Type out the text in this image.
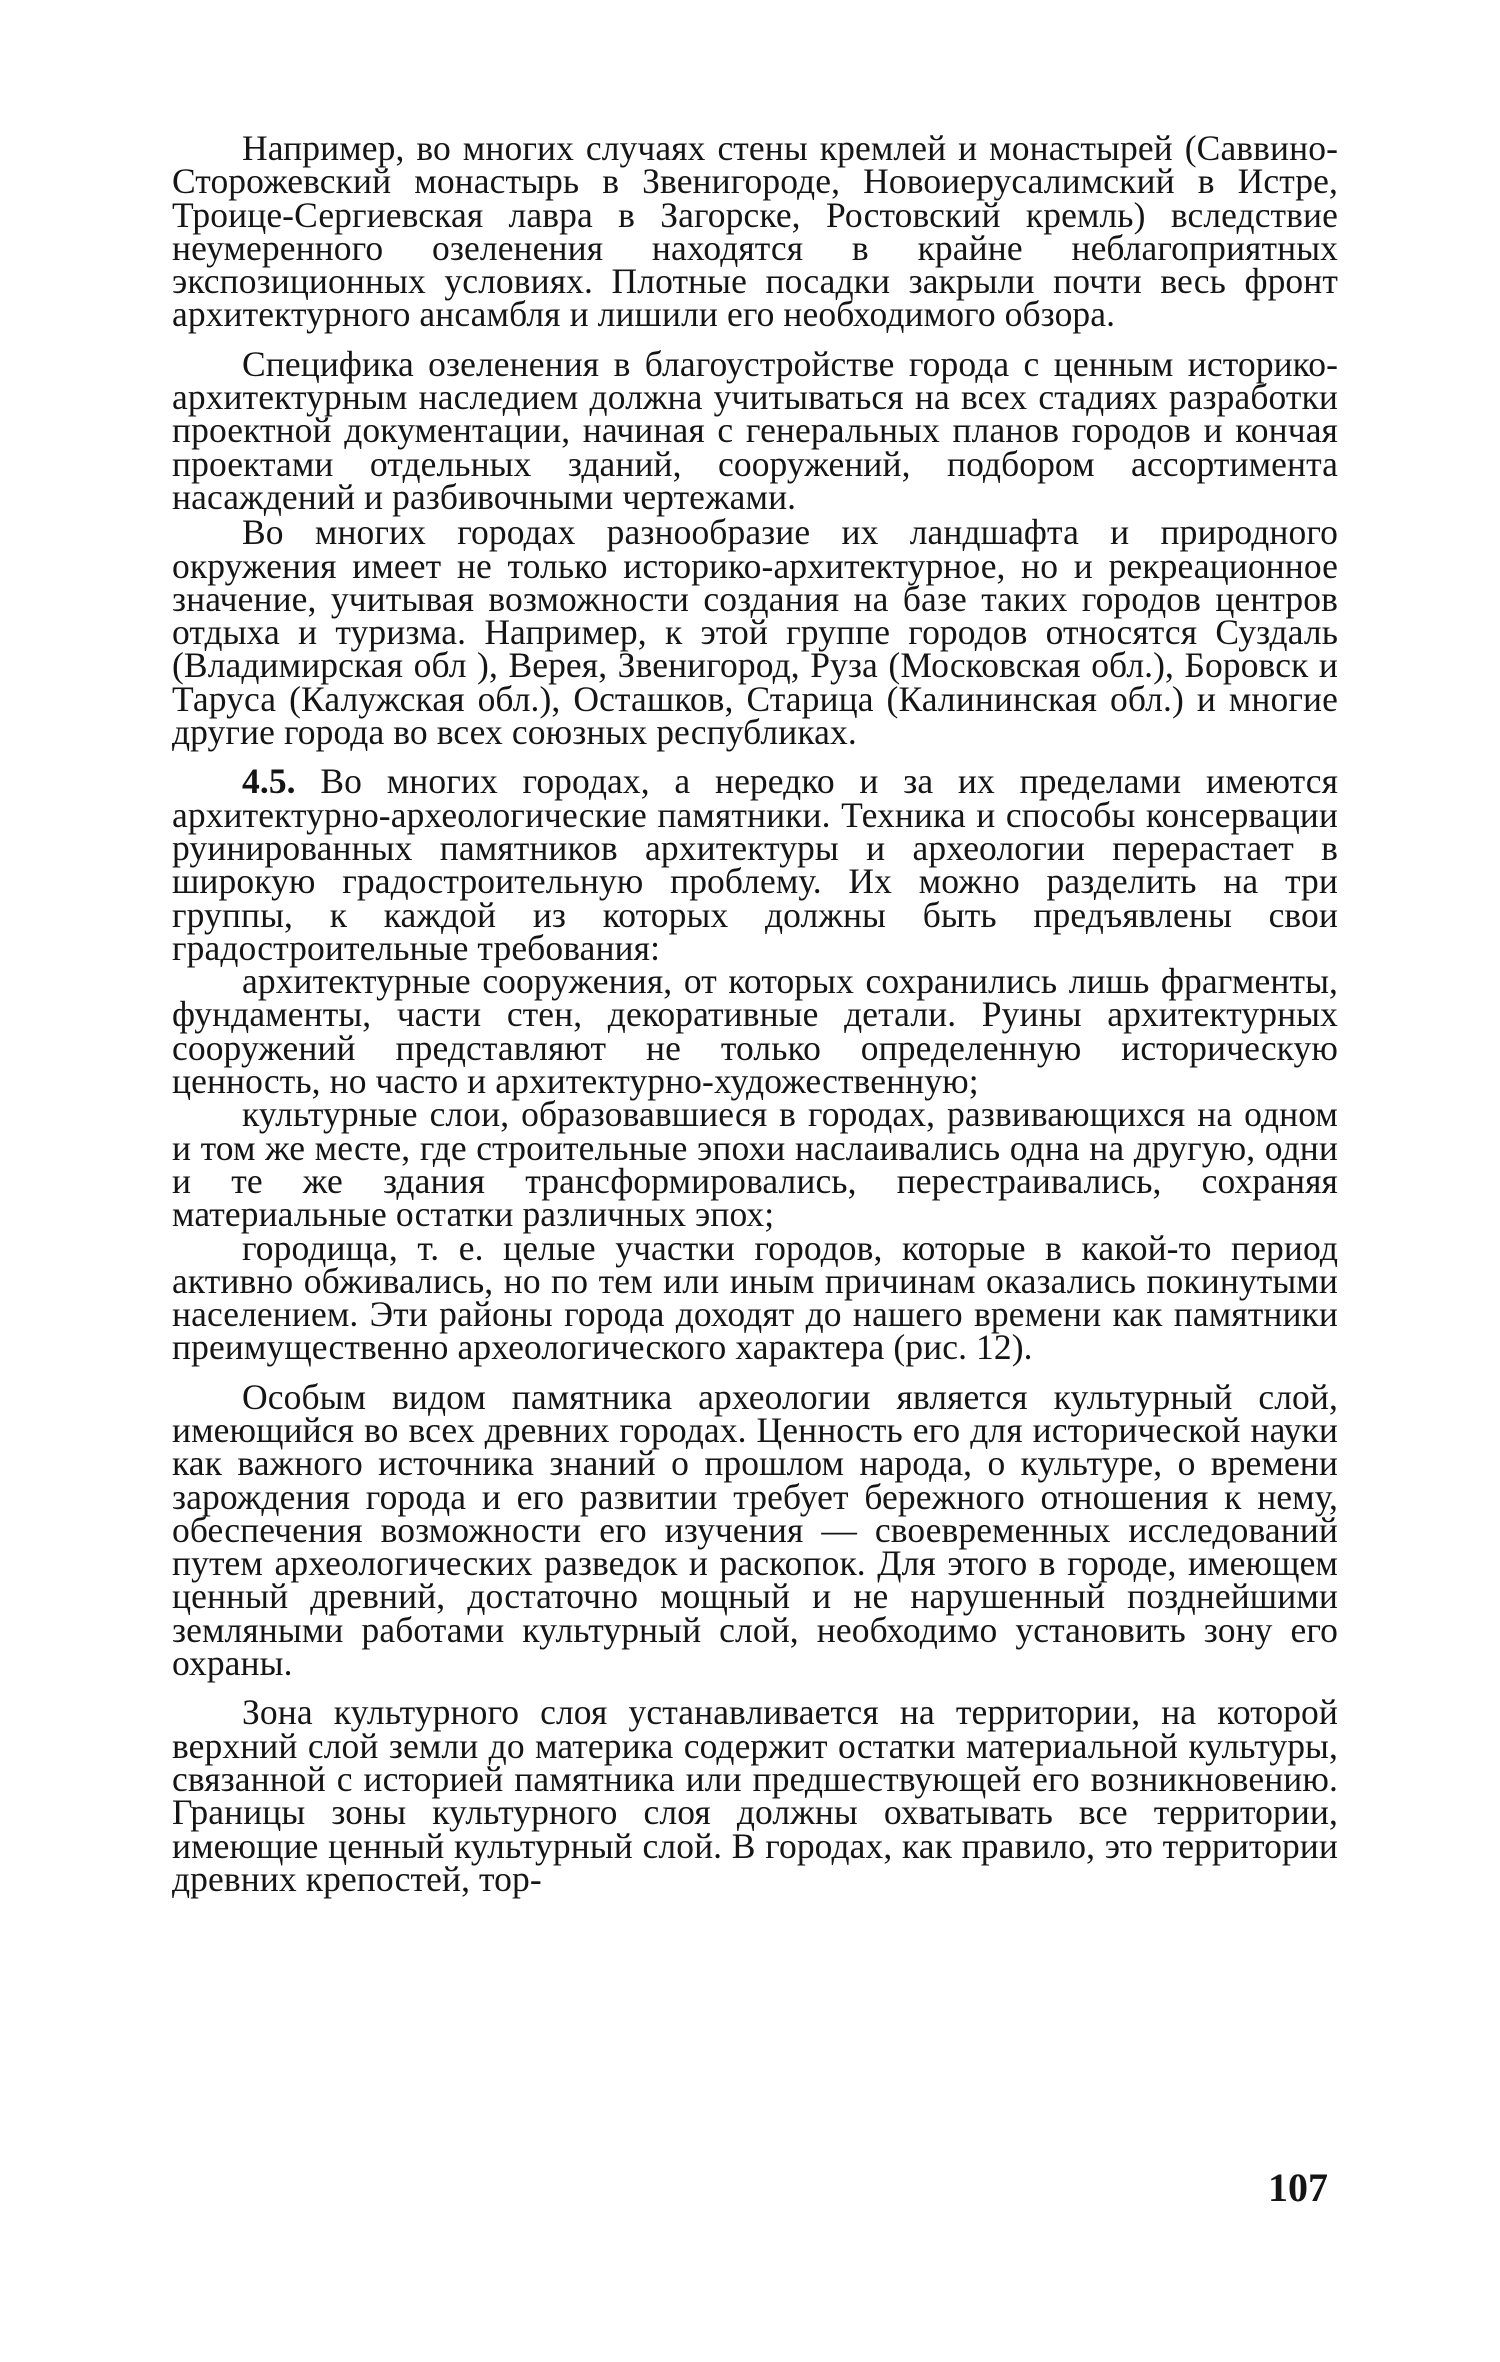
Например, во многих случаях стены кремлей и монастырей (Саввино-Сторожевский монастырь в Звенигороде, Новоиерусалимский в Истре, Троице-Сергиевская лавра в Загорске, Ростовский кремль) вследствие неумеренного озеленения находятся в крайне неблагоприятных экспозиционных условиях. Плотные посадки закрыли почти весь фронт архитектурного ансамбля и лишили его необходимого обзора.

Специфика озеленения в благоустройстве города с ценным историко-архитектурным наследием должна учитываться на всех стадиях разработки проектной документации, начиная с генеральных планов городов и кончая проектами отдельных зданий, сооружений, подбором ассортимента насаждений и разбивочными чертежами.

Во многих городах разнообразие их ландшафта и природного окружения имеет не только историко-архитектурное, но и рекреационное значение, учитывая возможности создания на базе таких городов центров отдыха и туризма. Например, к этой группе городов относятся Суздаль (Владимирская обл ), Верея, Звенигород, Руза (Московская обл.), Боровск и Таруса (Калужская обл.), Осташков, Старица (Калининская обл.) и многие другие города во всех союзных республиках.

4.5. Во многих городах, а нередко и за их пределами имеются архитектурно-археологические памятники. Техника и способы консервации руинированных памятников архитектуры и археологии перерастает в широкую градостроительную проблему. Их можно разделить на три группы, к каждой из которых должны быть предъявлены свои градостроительные требования:

архитектурные сооружения, от которых сохранились лишь фрагменты, фундаменты, части стен, декоративные детали. Руины архитектурных сооружений представляют не только определенную историческую ценность, но часто и архитектурно-художественную;

культурные слои, образовавшиеся в городах, развивающихся на одном и том же месте, где строительные эпохи наслаивались одна на другую, одни и те же здания трансформировались, перестраивались, сохраняя материальные остатки различных эпох;

городища, т. е. целые участки городов, которые в какой-то период активно обживались, но по тем или иным причинам оказались покинутыми населением. Эти районы города доходят до нашего времени как памятники преимущественно археологического характера (рис. 12).

Особым видом памятника археологии является культурный слой, имеющийся во всех древних городах. Ценность его для исторической науки как важного источника знаний о прошлом народа, о культуре, о времени зарождения города и его развитии требует бережного отношения к нему, обеспечения возможности его изучения — своевременных исследований путем археологических разведок и раскопок. Для этого в городе, имеющем ценный древний, достаточно мощный и не нарушенный позднейшими земляными работами культурный слой, необходимо установить зону его охраны.

Зона культурного слоя устанавливается на территории, на которой верхний слой земли до материка содержит остатки материальной культуры, связанной с историей памятника или предшествующей его возникновению. Границы зоны культурного слоя должны охватывать все территории, имеющие ценный культурный слой. В городах, как правило, это территории древних крепостей, тор-

107
